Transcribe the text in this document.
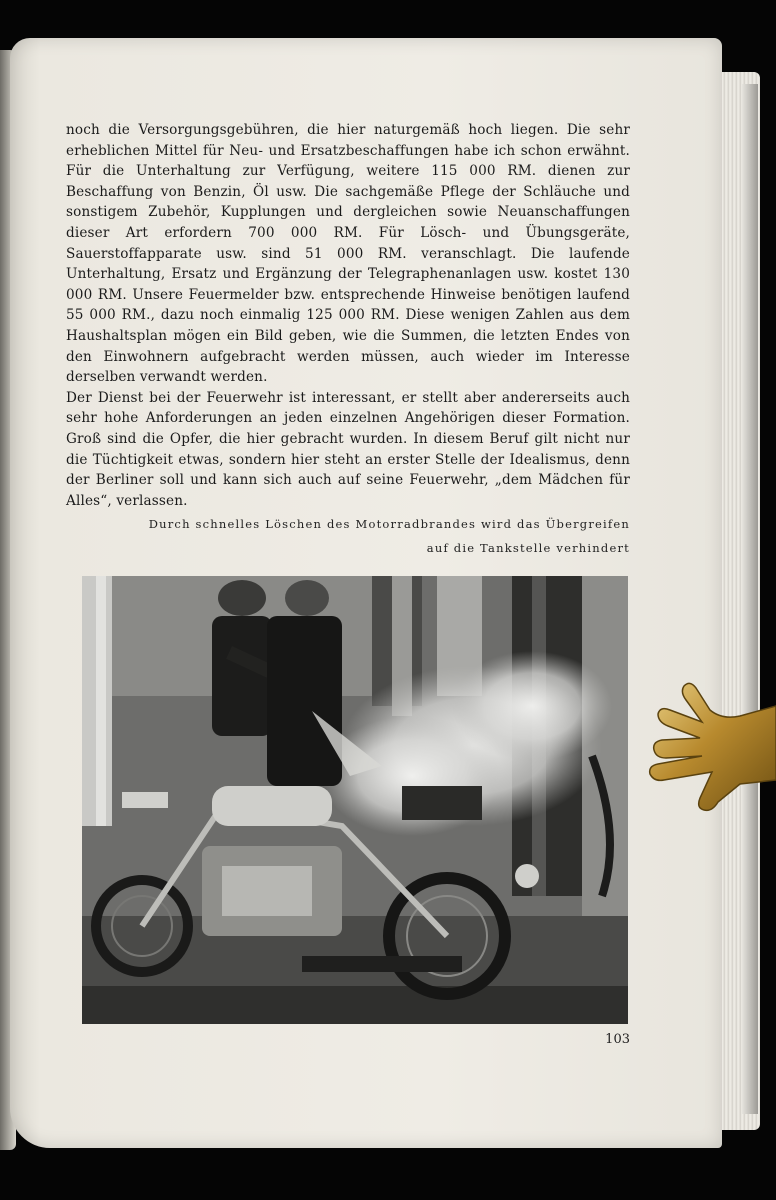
noch die Versorgungsgebühren, die hier naturgemäß hoch liegen. Die sehr erheblichen Mittel für Neu- und Ersatzbeschaffungen habe ich schon erwähnt. Für die Unterhaltung zur Verfügung, weitere 115 000 RM. dienen zur Beschaffung von Benzin, Öl usw. Die sachgemäße Pflege der Schläuche und sonstigem Zubehör, Kupplungen und dergleichen sowie Neuanschaffungen dieser Art erfordern 700 000 RM. Für Lösch- und Übungsgeräte, Sauerstoffapparate usw. sind 51 000 RM. veranschlagt. Die laufende Unterhaltung, Ersatz und Ergänzung der Telegraphenanlagen usw. kostet 130 000 RM. Unsere Feuermelder bzw. entsprechende Hinweise benötigen laufend 55 000 RM., dazu noch einmalig 125 000 RM. Diese wenigen Zahlen aus dem Haushaltsplan mögen ein Bild geben, wie die Summen, die letzten Endes von den Einwohnern aufgebracht werden müssen, auch wieder im Interesse derselben verwandt werden.

Der Dienst bei der Feuerwehr ist interessant, er stellt aber andererseits auch sehr hohe Anforderungen an jeden einzelnen Angehörigen dieser Formation. Groß sind die Opfer, die hier gebracht wurden. In diesem Beruf gilt nicht nur die Tüchtigkeit etwas, sondern hier steht an erster Stelle der Idealismus, denn der Berliner soll und kann sich auch auf seine Feuerwehr, „dem Mädchen für Alles“, verlassen.

Durch schnelles Löschen des Motorradbrandes wird das Übergreifen
auf die Tankstelle verhindert
103
